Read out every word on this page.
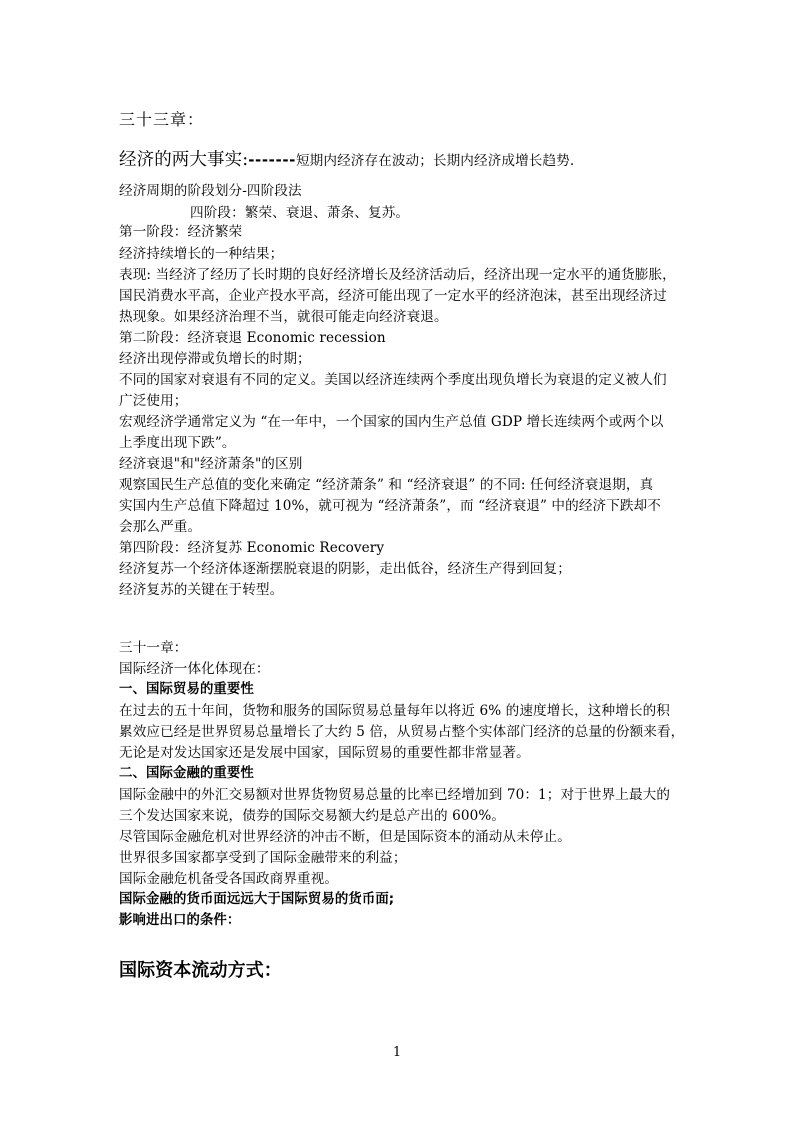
三十三章：
经济的两大事实:-------短期内经济存在波动；长期内经济成增长趋势.
经济周期的阶段划分-四阶段法
四阶段：繁荣、衰退、萧条、复苏。
第一阶段：经济繁荣
经济持续增长的一种结果；
表现: 当经济了经历了长时期的良好经济增长及经济活动后，经济出现一定水平的通货膨胀，
国民消费水平高，企业产投水平高，经济可能出现了一定水平的经济泡沫，甚至出现经济过
热现象。如果经济治理不当，就很可能走向经济衰退。
第二阶段：经济衰退 Economic recession
经济出现停滞或负增长的时期；
不同的国家对衰退有不同的定义。美国以经济连续两个季度出现负增长为衰退的定义被人们
广泛使用；
宏观经济学通常定义为 “在一年中，一个国家的国内生产总值 GDP 增长连续两个或两个以
上季度出现下跌”。
经济衰退"和"经济萧条"的区别
观察国民生产总值的变化来确定 “经济萧条” 和 “经济衰退” 的不同: 任何经济衰退期，真
实国内生产总值下降超过 10%，就可视为 “经济萧条”，而 “经济衰退” 中的经济下跌却不
会那么严重。
第四阶段：经济复苏 Economic Recovery
经济复苏一个经济体逐渐摆脱衰退的阴影，走出低谷，经济生产得到回复；
经济复苏的关键在于转型。
三十一章：
国际经济一体化体现在：
一、国际贸易的重要性
在过去的五十年间，货物和服务的国际贸易总量每年以将近 6% 的速度增长，这种增长的积
累效应已经是世界贸易总量增长了大约 5 倍，从贸易占整个实体部门经济的总量的份额来看，
无论是对发达国家还是发展中国家，国际贸易的重要性都非常显著。
二、国际金融的重要性
国际金融中的外汇交易额对世界货物贸易总量的比率已经增加到 70：1；对于世界上最大的
三个发达国家来说，债券的国际交易额大约是总产出的 600%。
尽管国际金融危机对世界经济的冲击不断，但是国际资本的涌动从未停止。
世界很多国家都享受到了国际金融带来的利益；
国际金融危机备受各国政商界重视。
国际金融的货币面远远大于国际贸易的货币面;
影响进出口的条件：
国际资本流动方式：
1
